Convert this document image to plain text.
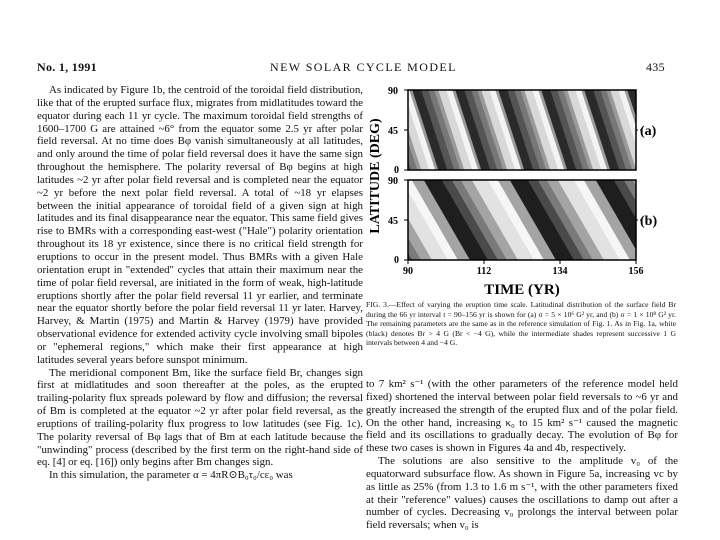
No. 1, 1991	NEW SOLAR CYCLE MODEL	435

As indicated by Figure 1b, the centroid of the toroidal field distribution, like that of the erupted surface flux, migrates from midlatitudes toward the equator during each 11 yr cycle. The maximum toroidal field strengths of 1600–1700 G are attained ~6° from the equator some 2.5 yr after polar field reversal. At no time does Bφ vanish simultaneously at all latitudes, and only around the time of polar field reversal does it have the same sign throughout the hemisphere. The polarity reversal of Bφ begins at high latitudes ~2 yr after polar field reversal and is completed near the equator ~2 yr before the next polar field reversal. A total of ~18 yr elapses between the initial appearance of toroidal field of a given sign at high latitudes and its final disappearance near the equator. This same field gives rise to BMRs with a corresponding east-west ("Hale") polarity orientation throughout its 18 yr existence, since there is no critical field strength for eruptions to occur in the present model. Thus BMRs with a given Hale orientation erupt in "extended" cycles that attain their maximum near the time of polar field reversal, are initiated in the form of weak, high-latitude eruptions shortly after the polar field reversal 11 yr earlier, and terminate near the equator shortly before the polar field reversal 11 yr later. Harvey, Harvey, & Martin (1975) and Martin & Harvey (1979) have provided observational evidence for extended activity cycle involving small bipoles or "ephemeral regions," which make their first appearance at high latitudes several years before sunspot minimum.

The meridional component Bm, like the surface field Br, changes sign first at midlatitudes and soon thereafter at the poles, as the erupted trailing-polarity flux spreads poleward by flow and diffusion; the reversal of Bm is completed at the equator ~2 yr after polar field reversal, as the eruptions of trailing-polarity flux progress to low latitudes (see Fig. 1c). The polarity reversal of Bφ lags that of Bm at each latitude because the "unwinding" process (described by the first term on the right-hand side of eq. [4] or eq. [16]) only begins after Bm changes sign.

In this simulation, the parameter α = 4πR⊙B₀τ₀/cε₀ was

90
45
0
90
45
0
90	112	134	156
LATITUDE (DEG)
TIME (YR)
(a)
(b)
FIG. 3.—Effect of varying the eruption time scale. Latitudinal distribution of the surface field Br during the 66 yr interval t = 90–156 yr is shown for (a) σ = 5 × 10⁶ G² yr, and (b) σ = 1 × 10⁸ G² yr. The remaining parameters are the same as in the reference simulation of Fig. 1. As in Fig. 1a, white (black) denotes Br > 4 G (Br < −4 G), while the intermediate shades represent successive 1 G intervals between 4 and −4 G.

to 7 km² s⁻¹ (with the other parameters of the reference model held fixed) shortened the interval between polar field reversals to ~6 yr and greatly increased the strength of the erupted flux and of the polar field. On the other hand, increasing κ₀ to 15 km² s⁻¹ caused the magnetic field and its oscillations to gradually decay. The evolution of Bφ for these two cases is shown in Figures 4a and 4b, respectively.

The solutions are also sensitive to the amplitude v₀ of the equatorward subsurface flow. As shown in Figure 5a, increasing vc by as little as 25% (from 1.3 to 1.6 m s⁻¹, with the other parameters fixed at their "reference" values) causes the oscillations to damp out after a number of cycles. Decreasing v₀ prolongs the interval between polar field reversals; when v₀ is
